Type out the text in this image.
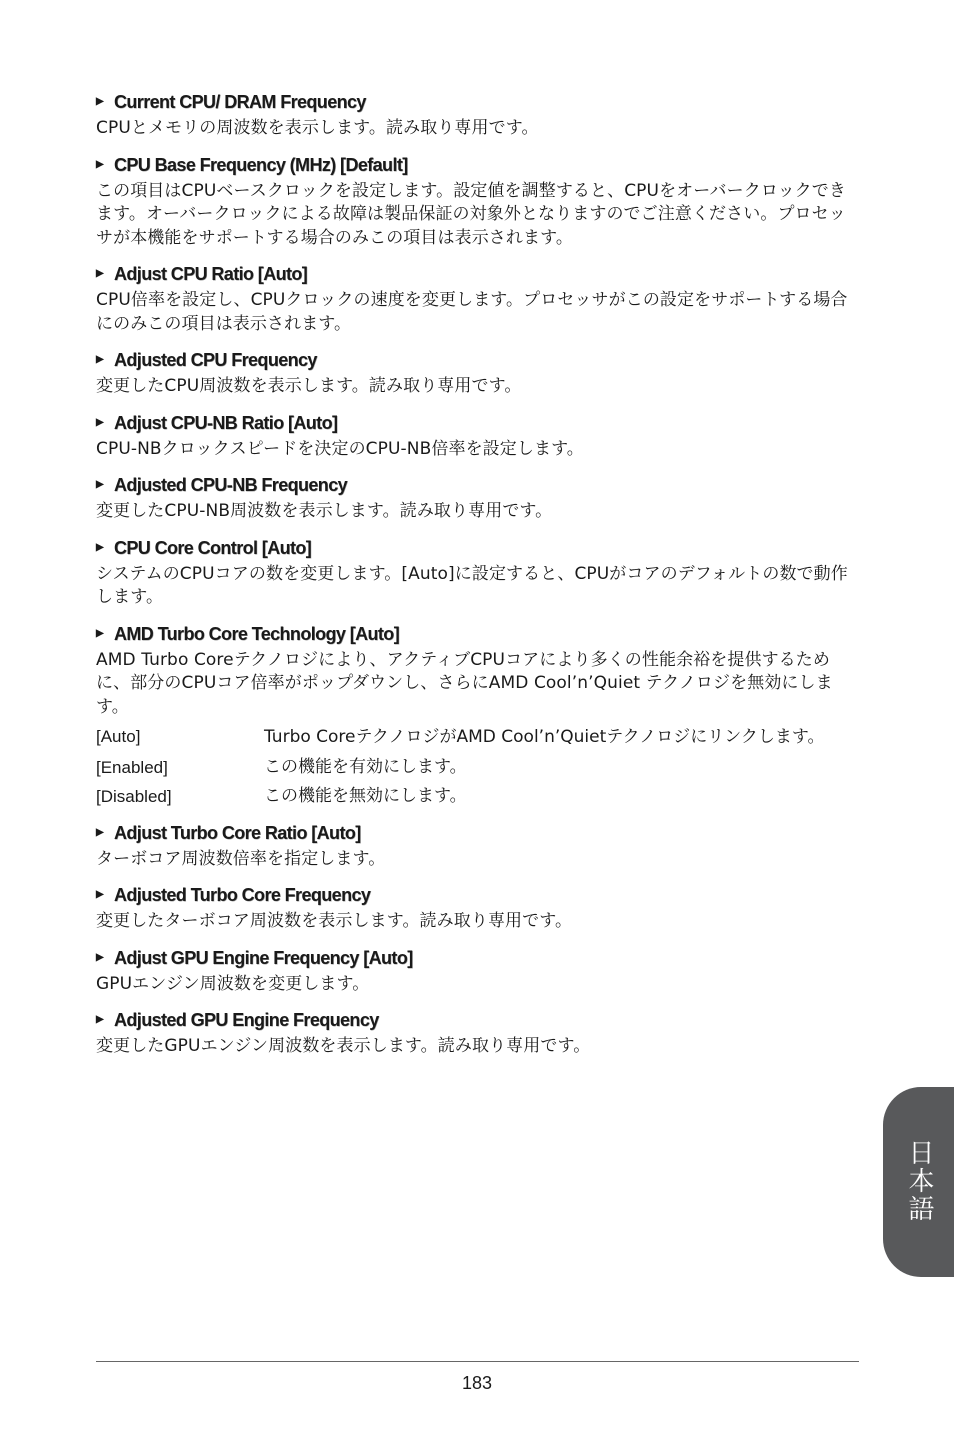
▶ Current CPU/ DRAM Frequency
CPUとメモリの周波数を表示します。読み取り専用です。
▶ CPU Base Frequency (MHz) [Default]
この項目はCPUベースクロックを設定します。設定値を調整すると、CPUをオーバークロックできます。オーバークロックによる故障は製品保証の対象外となりますのでご注意ください。プロセッサが本機能をサポートする場合のみこの項目は表示されます。
▶ Adjust CPU Ratio [Auto]
CPU倍率を設定し、CPUクロックの速度を変更します。プロセッサがこの設定をサポートする場合にのみこの項目は表示されます。
▶ Adjusted CPU Frequency
変更したCPU周波数を表示します。読み取り専用です。
▶ Adjust CPU-NB Ratio [Auto]
CPU-NBクロックスピードを決定のCPU-NB倍率を設定します。
▶ Adjusted CPU-NB Frequency
変更したCPU-NB周波数を表示します。読み取り専用です。
▶ CPU Core Control [Auto]
システムのCPUコアの数を変更します。[Auto]に設定すると、CPUがコアのデフォルトの数で動作します。
▶ AMD Turbo Core Technology [Auto]
AMD Turbo Coreテクノロジにより、アクティブCPUコアにより多くの性能余裕を提供するために、部分のCPUコア倍率がポップダウンし、さらにAMD Cool’n’Quiet テクノロジを無効にします。
[Auto]	Turbo CoreテクノロジがAMD Cool’n’Quietテクノロジにリンクします。
[Enabled]	この機能を有効にします。
[Disabled]	この機能を無効にします。
▶ Adjust Turbo Core Ratio [Auto]
ターボコア周波数倍率を指定します。
▶ Adjusted Turbo Core Frequency
変更したターボコア周波数を表示します。読み取り専用です。
▶ Adjust GPU Engine Frequency [Auto]
GPUエンジン周波数を変更します。
▶ Adjusted GPU Engine Frequency
変更したGPUエンジン周波数を表示します。読み取り専用です。
日本語
183
